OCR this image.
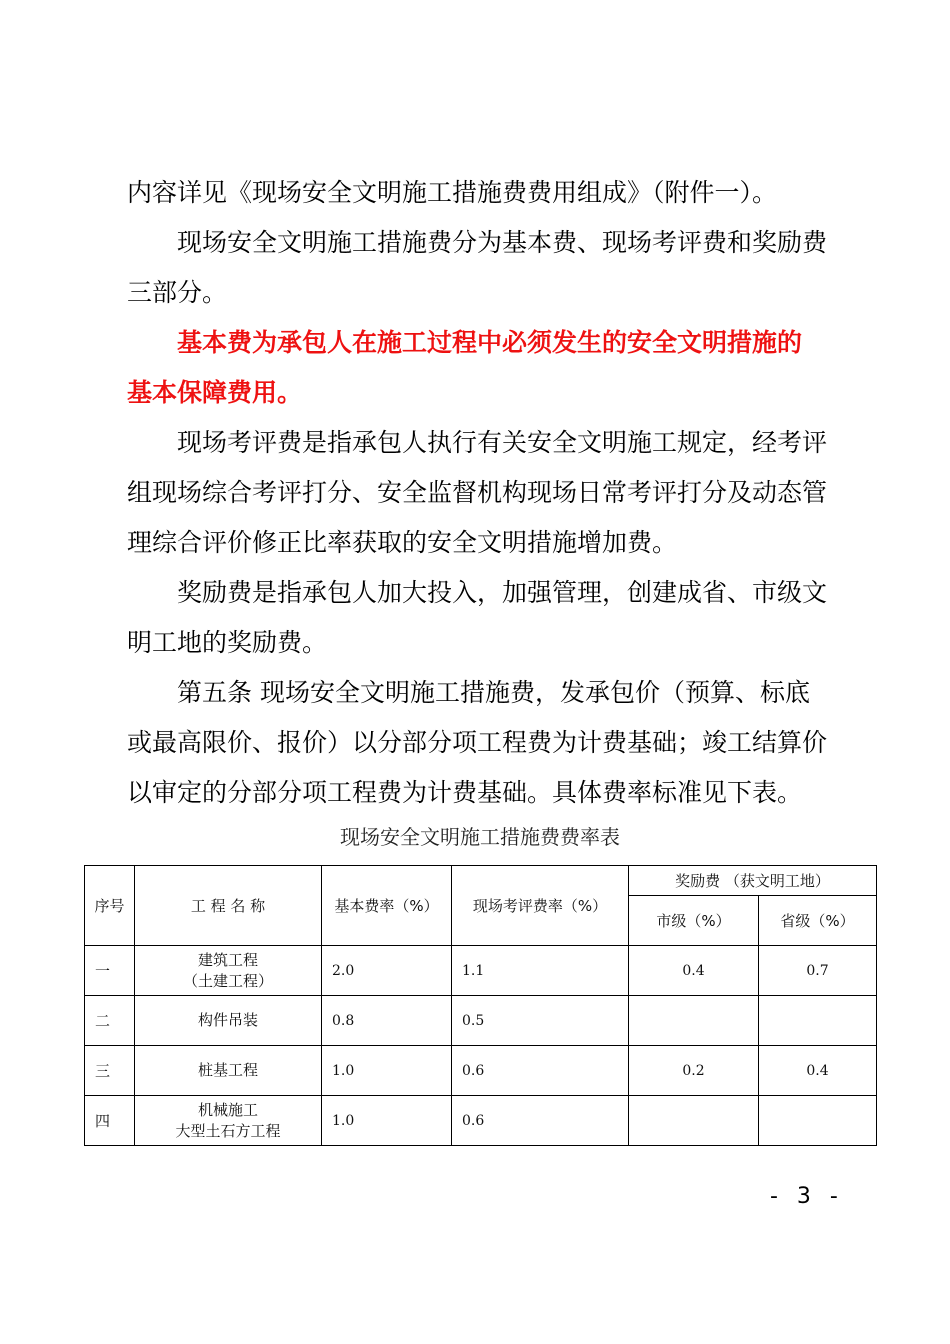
内容详见《现场安全文明施工措施费费用组成》（附件一）。
现场安全文明施工措施费分为基本费、现场考评费和奖励费
三部分。
基本费为承包人在施工过程中必须发生的安全文明措施的
基本保障费用。
现场考评费是指承包人执行有关安全文明施工规定，经考评
组现场综合考评打分、安全监督机构现场日常考评打分及动态管
理综合评价修正比率获取的安全文明措施增加费。
奖励费是指承包人加大投入，加强管理，创建成省、市级文
明工地的奖励费。
第五条 现场安全文明施工措施费，发承包价（预算、标底
或最高限价、报价）以分部分项工程费为计费基础；竣工结算价
以审定的分部分项工程费为计费基础。具体费率标准见下表。
现场安全文明施工措施费费率表
序号	工 程 名 称	基本费率（%）	现场考评费率（%）	奖励费 （获文明工地）	
				市级（%）	省级（%）
一	建筑工程
（土建工程）	2.0	1.1	0.4	0.7
二	构件吊装	0.8	0.5		
三	桩基工程	1.0	0.6	0.2	0.4
四	机械施工
大型土石方工程	1.0	0.6		
- 3 -
